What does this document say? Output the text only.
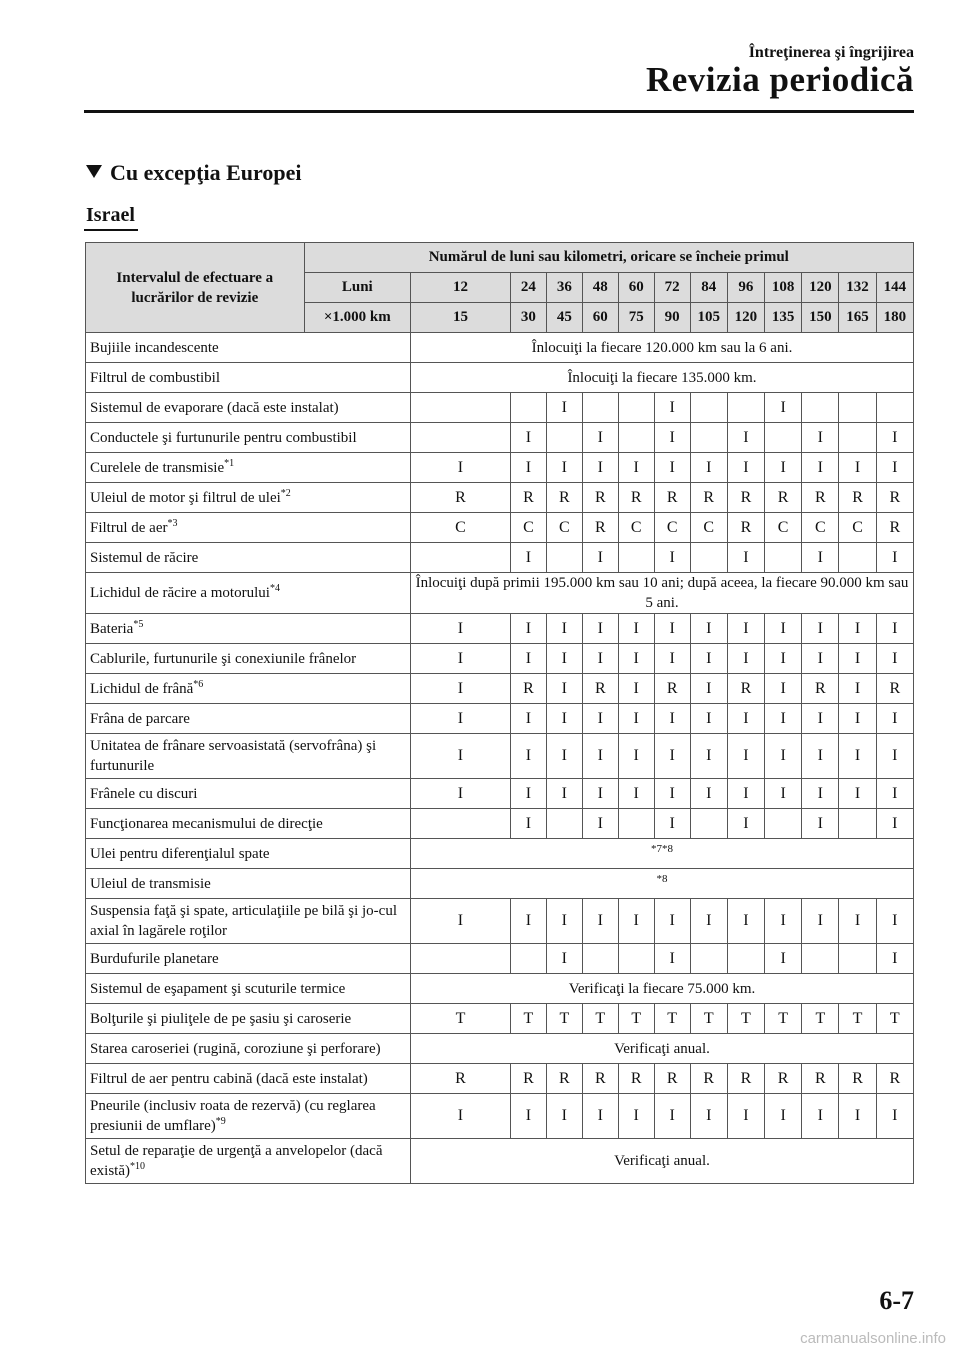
Întreţinerea şi îngrijirea
Revizia periodică
Cu excepţia Europei
Israel
Intervalul de efectuare a lucrărilor de revizie	Numărul de luni sau kilometri, oricare se încheie primul												
	Luni	12	24	36	48	60	72	84	96	108	120	132	144
	×1.000 km	15	30	45	60	75	90	105	120	135	150	165	180
Bujiile incandescente		Înlocuiţi la fiecare 120.000 km sau la 6 ani.											
Filtrul de combustibil		Înlocuiţi la fiecare 135.000 km.											
Sistemul de evaporare (dacă este instalat)				I			I			I			
Conductele şi furtunurile pentru combustibil			I		I		I		I		I		I
Curelele de transmisie$^{*1}$		I	I	I	I	I	I	I	I	I	I	I	I
Uleiul de motor şi filtrul de ulei$^{*2}$		R	R	R	R	R	R	R	R	R	R	R	R
Filtrul de aer$^{*3}$		C	C	C	R	C	C	C	R	C	C	C	R
Sistemul de răcire			I		I		I		I		I		I
Lichidul de răcire a motorului$^{*4}$		Înlocuiţi după primii 195.000 km sau 10 ani; după aceea, la fiecare 90.000 km sau 5 ani.											
Bateria$^{*5}$		I	I	I	I	I	I	I	I	I	I	I	I
Cablurile, furtunurile şi conexiunile frânelor		I	I	I	I	I	I	I	I	I	I	I	I
Lichidul de frână$^{*6}$		I	R	I	R	I	R	I	R	I	R	I	R
Frâna de parcare		I	I	I	I	I	I	I	I	I	I	I	I
Unitatea de frânare servoasistată (servofrâna) şi furtunurile		I	I	I	I	I	I	I	I	I	I	I	I
Frânele cu discuri		I	I	I	I	I	I	I	I	I	I	I	I
Funcţionarea mecanismului de direcţie			I		I		I		I		I		I
Ulei pentru diferenţialul spate		*7*8											
Uleiul de transmisie		*8											
Suspensia faţă şi spate, articulaţiile pe bilă şi jo-cul axial în lagărele roţilor		I	I	I	I	I	I	I	I	I	I	I	I
Burdufurile planetare				I			I			I			I
Sistemul de eşapament şi scuturile termice		Verificaţi la fiecare 75.000 km.											
Bolţurile şi piuliţele de pe şasiu şi caroserie		T	T	T	T	T	T	T	T	T	T	T	T
Starea caroseriei (rugină, coroziune şi perforare)		Verificaţi anual.											
Filtrul de aer pentru cabină (dacă este instalat)		R	R	R	R	R	R	R	R	R	R	R	R
Pneurile (inclusiv roata de rezervă) (cu reglarea presiunii de umflare)$^{*9}$		I	I	I	I	I	I	I	I	I	I	I	I
Setul de reparaţie de urgenţă a anvelopelor (dacă există)$^{*10}$		Verificaţi anual.											
6-7
carmanualsonline.info
